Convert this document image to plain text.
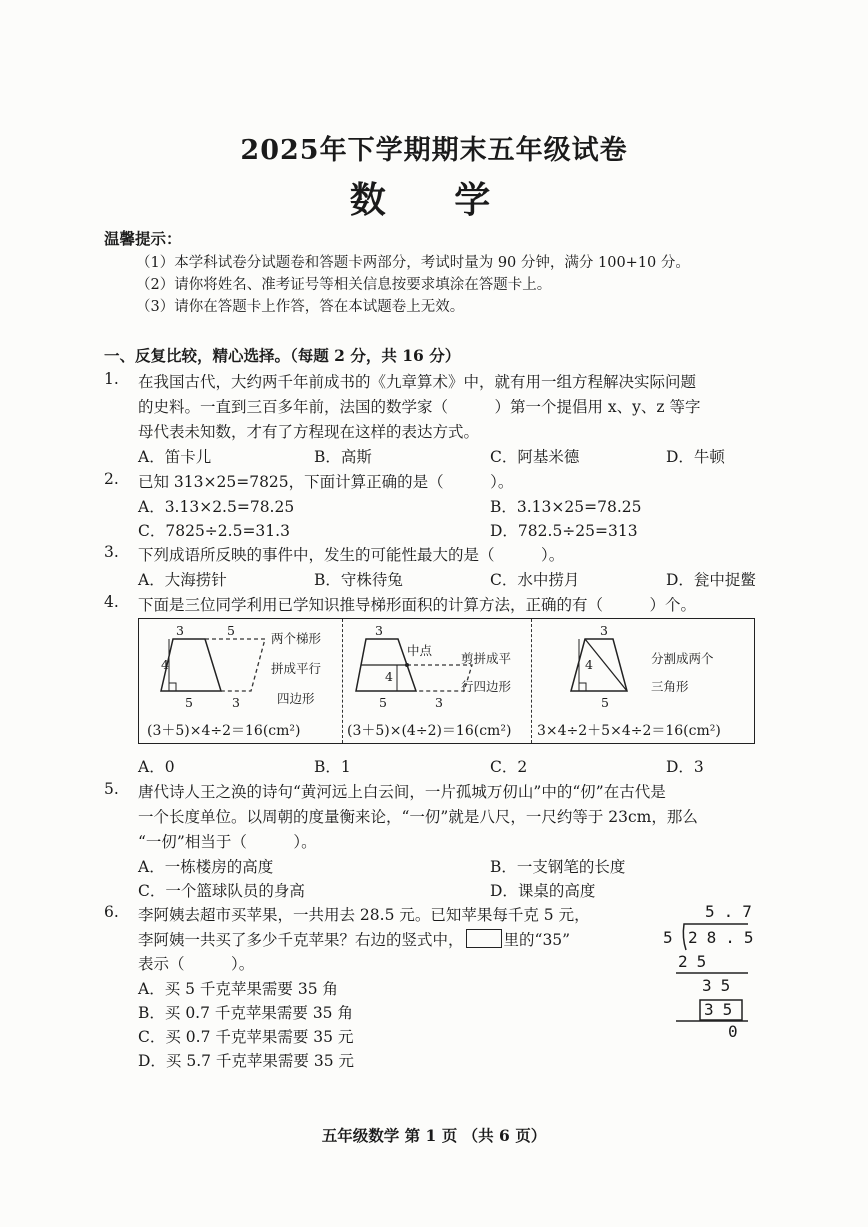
2025年下学期期末五年级试卷
数 学
温馨提示：
（1）本学科试卷分试题卷和答题卡两部分，考试时量为 90 分钟，满分 100+10 分。
（2）请你将姓名、准考证号等相关信息按要求填涂在答题卡上。
（3）请你在答题卡上作答，答在本试题卷上无效。
一、反复比较，精心选择。（每题 2 分，共 16 分）
1. 在我国古代，大约两千年前成书的《九章算术》中，就有用一组方程解决实际问题
的史料。一直到三百多年前，法国的数学家（　　　）第一个提倡用 x、y、z 等字
母代表未知数，才有了方程现在这样的表达方式。
A．笛卡儿	B．高斯	C．阿基米德	D．牛顿
2. 已知 313×25=7825，下面计算正确的是（　　　）。
A．3.13×2.5=78.25	B．3.13×25=78.25
C．7825÷2.5=31.3	D．782.5÷25=313
3. 下列成语所反映的事件中，发生的可能性最大的是（　　　）。
A．大海捞针	B．守株待兔	C．水中捞月	D．瓮中捉鳖
4. 下面是三位同学利用已学知识推导梯形面积的计算方法，正确的有（　　　）个。
3	5
4
5	3
两个梯形
拼成平行
四边形
(3＋5)×4÷2＝16(cm²)
3
中点
4
5	3
剪拼成平
行四边形
(3＋5)×(4÷2)＝16(cm²)
3
4
5
分割成两个
三角形
3×4÷2＋5×4÷2＝16(cm²)
A．0	B．1	C．2	D．3
5. 唐代诗人王之涣的诗句“黄河远上白云间，一片孤城万仞山”中的“仞”在古代是
一个长度单位。以周朝的度量衡来论，“一仞”就是八尺，一尺约等于 23cm，那么
“一仞”相当于（　　　）。
A．一栋楼房的高度	B．一支钢笔的长度
C．一个篮球队员的身高	D．课桌的高度
6. 李阿姨去超市买苹果，一共用去 28.5 元。已知苹果每千克 5 元，
李阿姨一共买了多少千克苹果？右边的竖式中，	里的“35”
表示（　　　）。
A．买 5 千克苹果需要 35 角
B．买 0.7 千克苹果需要 35 角
C．买 0.7 千克苹果需要 35 元
D．买 5.7 千克苹果需要 35 元
5.7
5 28.5
25
35
35
0
五年级数学 第 1 页 （共 6 页）
